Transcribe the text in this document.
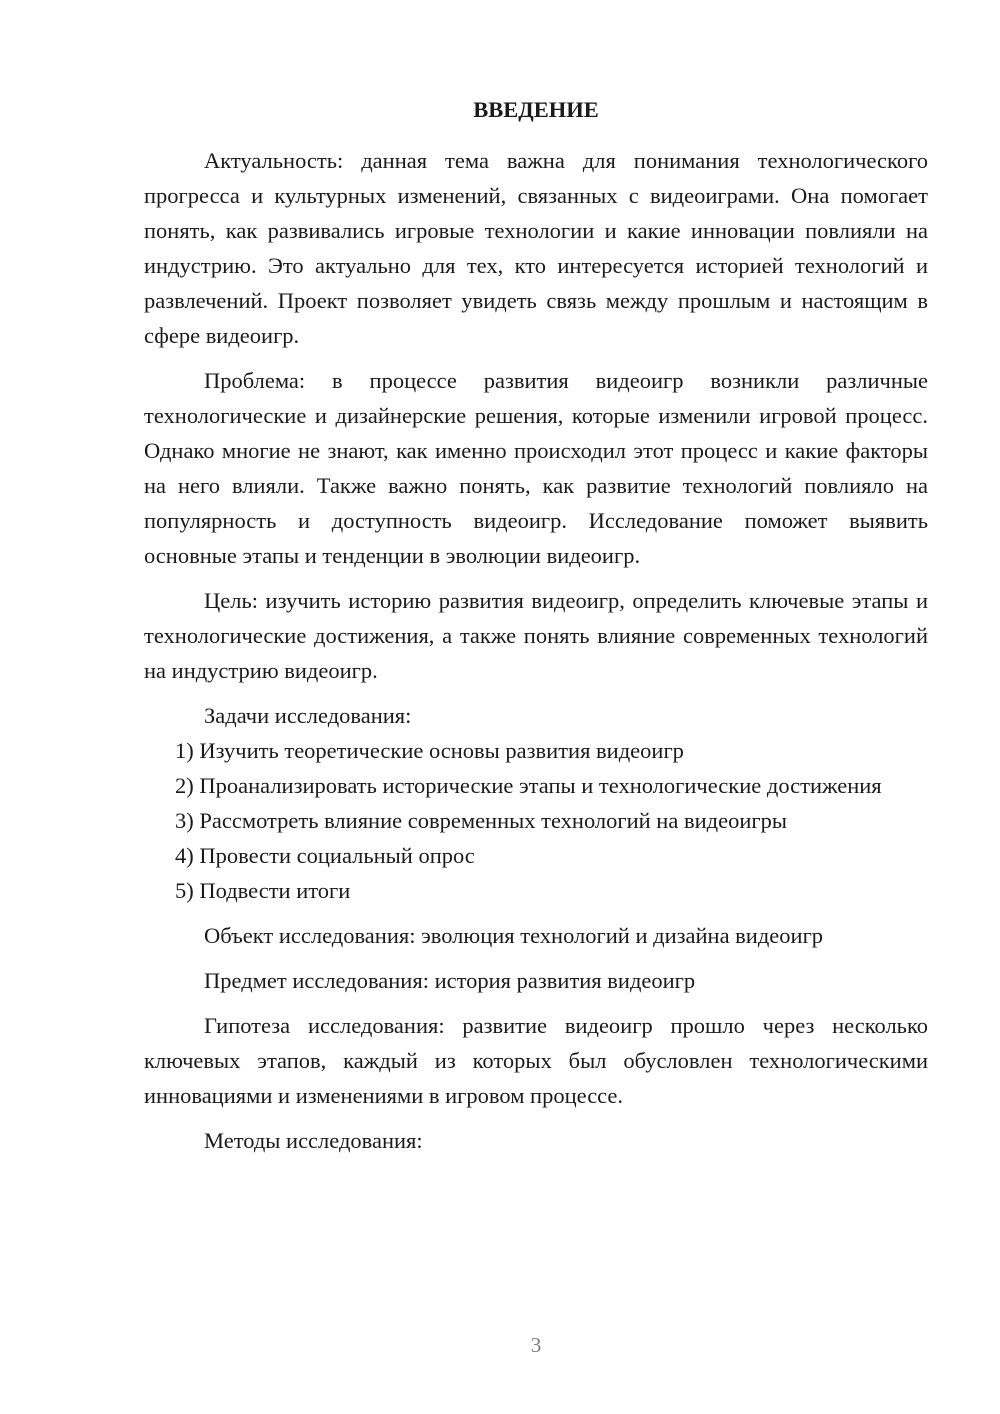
ВВЕДЕНИЕ

Актуальность: данная тема важна для понимания технологического прогресса и культурных изменений, связанных с видеоиграми. Она помогает понять, как развивались игровые технологии и какие инновации повлияли на индустрию. Это актуально для тех, кто интересуется историей технологий и развлечений. Проект позволяет увидеть связь между прошлым и настоящим в сфере видеоигр.

Проблема: в процессе развития видеоигр возникли различные технологические и дизайнерские решения, которые изменили игровой процесс. Однако многие не знают, как именно происходил этот процесс и какие факторы на него влияли. Также важно понять, как развитие технологий повлияло на популярность и доступность видеоигр. Исследование поможет выявить основные этапы и тенденции в эволюции видеоигр.

Цель: изучить историю развития видеоигр, определить ключевые этапы и технологические достижения, а также понять влияние современных технологий на индустрию видеоигр.

Задачи исследования:

1) Изучить теоретические основы развития видеоигр

2) Проанализировать исторические этапы и технологические достижения

3) Рассмотреть влияние современных технологий на видеоигры

4) Провести социальный опрос

5) Подвести итоги

Объект исследования: эволюция технологий и дизайна видеоигр

Предмет исследования: история развития видеоигр

Гипотеза исследования: развитие видеоигр прошло через несколько ключевых этапов, каждый из которых был обусловлен технологическими инновациями и изменениями в игровом процессе.

Методы исследования:

3
